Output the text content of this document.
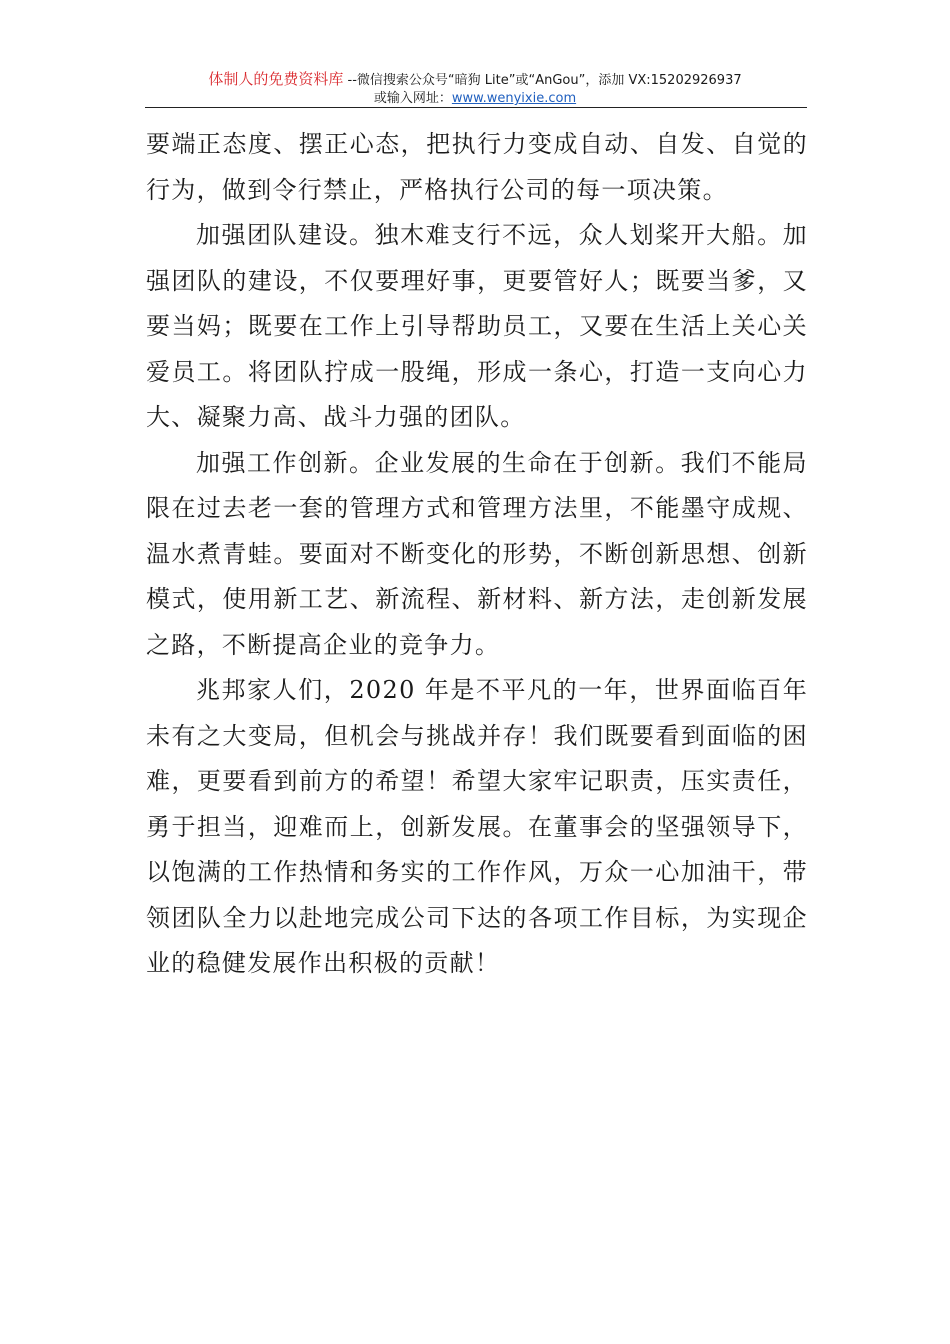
体制人的免费资料库 --微信搜索公众号“暗狗 Lite”或“AnGou”，添加 VX:15202926937
或输入网址：www.wenyixie.com

要端正态度、摆正心态，把执行力变成自动、自发、自觉的行为，做到令行禁止，严格执行公司的每一项决策。

加强团队建设。独木难支行不远，众人划桨开大船。加强团队的建设，不仅要理好事，更要管好人；既要当爹，又要当妈；既要在工作上引导帮助员工，又要在生活上关心关爱员工。将团队拧成一股绳，形成一条心，打造一支向心力大、凝聚力高、战斗力强的团队。

加强工作创新。企业发展的生命在于创新。我们不能局限在过去老一套的管理方式和管理方法里，不能墨守成规、温水煮青蛙。要面对不断变化的形势，不断创新思想、创新模式，使用新工艺、新流程、新材料、新方法，走创新发展之路，不断提高企业的竞争力。

兆邦家人们，2020 年是不平凡的一年，世界面临百年未有之大变局，但机会与挑战并存！我们既要看到面临的困难，更要看到前方的希望！希望大家牢记职责，压实责任，勇于担当，迎难而上，创新发展。在董事会的坚强领导下，以饱满的工作热情和务实的工作作风，万众一心加油干，带领团队全力以赴地完成公司下达的各项工作目标，为实现企业的稳健发展作出积极的贡献！
